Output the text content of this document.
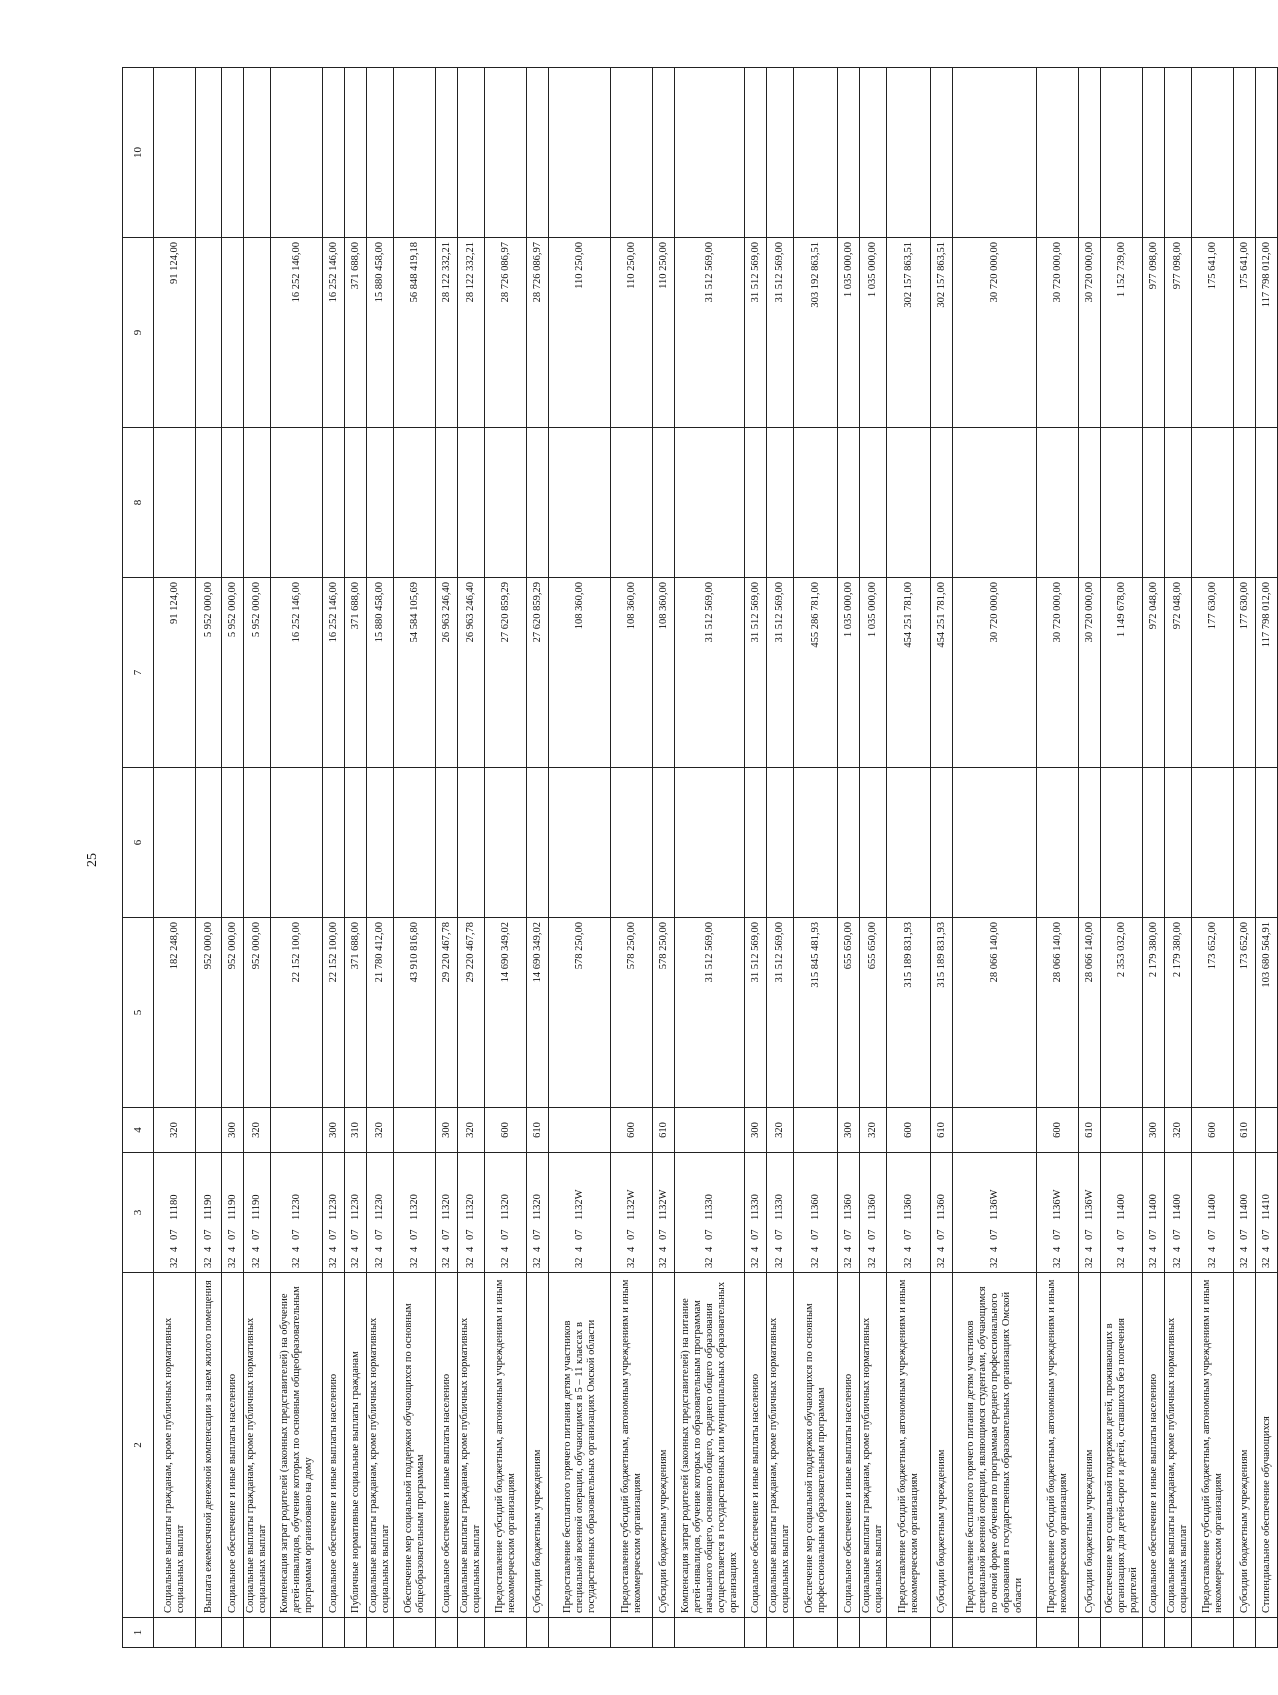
25
1	2	3	4	5	6	7	8	9	10
	Социальные выплаты гражданам, кроме публичных нормативных социальных выплат	3240711180	320	182 248,00		91 124,00		91 124,00	
	Выплата ежемесячной денежной компенсации за наем жилого помещения	3240711190		952 000,00		5 952 000,00			
	Социальное обеспечение и иные выплаты населению	3240711190	300	952 000,00		5 952 000,00			
	Социальные выплаты гражданам, кроме публичных нормативных социальных выплат	3240711190	320	952 000,00		5 952 000,00			
	Компенсация затрат родителей (законных представителей) на обучение детей-инвалидов, обучение которых по основным общеобразовательным программам организовано на дому	3240711230		22 152 100,00		16 252 146,00		16 252 146,00	
	Социальное обеспечение и иные выплаты населению	3240711230	300	22 152 100,00		16 252 146,00		16 252 146,00	
	Публичные нормативные социальные выплаты гражданам	3240711230	310	371 688,00		371 688,00		371 688,00	
	Социальные выплаты гражданам, кроме публичных нормативных социальных выплат	3240711230	320	21 780 412,00		15 880 458,00		15 880 458,00	
	Обеспечение мер социальной поддержки обучающихся по основным общеобразовательным программам	3240711320		43 910 816,80		54 584 105,69		56 848 419,18	
	Социальное обеспечение и иные выплаты населению	3240711320	300	29 220 467,78		26 963 246,40		28 122 332,21	
	Социальные выплаты гражданам, кроме публичных нормативных социальных выплат	3240711320	320	29 220 467,78		26 963 246,40		28 122 332,21	
	Предоставление субсидий бюджетным, автономным учреждениям и иным некоммерческим организациям	3240711320	600	14 690 349,02		27 620 859,29		28 726 086,97	
	Субсидии бюджетным учреждениям	3240711320	610	14 690 349,02		27 620 859,29		28 726 086,97	
	Предоставление бесплатного горячего питания детям участников специальной военной операции, обучающимся в 5 – 11 классах в государственных образовательных организациях Омской области	324071132W		578 250,00		108 360,00		110 250,00	
	Предоставление субсидий бюджетным, автономным учреждениям и иным некоммерческим организациям	324071132W	600	578 250,00		108 360,00		110 250,00	
	Субсидии бюджетным учреждениям	324071132W	610	578 250,00		108 360,00		110 250,00	
	Компенсация затрат родителей (законных представителей) на питание детей-инвалидов, обучение которых по образовательным программам начального общего, основного общего, среднего общего образования осуществляется в государственных или муниципальных образовательных организациях	3240711330		31 512 569,00		31 512 569,00		31 512 569,00	
	Социальное обеспечение и иные выплаты населению	3240711330	300	31 512 569,00		31 512 569,00		31 512 569,00	
	Социальные выплаты гражданам, кроме публичных нормативных социальных выплат	3240711330	320	31 512 569,00		31 512 569,00		31 512 569,00	
	Обеспечение мер социальной поддержки обучающихся по основным профессиональным образовательным программам	3240711360		315 845 481,93		455 286 781,00		303 192 863,51	
	Социальное обеспечение и иные выплаты населению	3240711360	300	655 650,00		1 035 000,00		1 035 000,00	
	Социальные выплаты гражданам, кроме публичных нормативных социальных выплат	3240711360	320	655 650,00		1 035 000,00		1 035 000,00	
	Предоставление субсидий бюджетным, автономным учреждениям и иным некоммерческим организациям	3240711360	600	315 189 831,93		454 251 781,00		302 157 863,51	
	Субсидии бюджетным учреждениям	3240711360	610	315 189 831,93		454 251 781,00		302 157 863,51	
	Предоставление бесплатного горячего питания детям участников специальной военной операции, являющимся студентами, обучающимся по очной форме обучения по программам среднего профессионального образования в государственных образовательных организациях Омской области	324071136W		28 066 140,00		30 720 000,00		30 720 000,00	
	Предоставление субсидий бюджетным, автономным учреждениям и иным некоммерческим организациям	324071136W	600	28 066 140,00		30 720 000,00		30 720 000,00	
	Субсидии бюджетным учреждениям	324071136W	610	28 066 140,00		30 720 000,00		30 720 000,00	
	Обеспечение мер социальной поддержки детей, проживающих в организациях для детей-сирот и детей, оставшихся без попечения родителей	3240711400		2 353 032,00		1 149 678,00		1 152 739,00	
	Социальное обеспечение и иные выплаты населению	3240711400	300	2 179 380,00		972 048,00		977 098,00	
	Социальные выплаты гражданам, кроме публичных нормативных социальных выплат	3240711400	320	2 179 380,00		972 048,00		977 098,00	
	Предоставление субсидий бюджетным, автономным учреждениям и иным некоммерческим организациям	3240711400	600	173 652,00		177 630,00		175 641,00	
	Субсидии бюджетным учреждениям	3240711400	610	173 652,00		177 630,00		175 641,00	
	Стипендиальное обеспечение обучающихся	3240711410		103 680 564,91		117 798 012,00		117 798 012,00	
